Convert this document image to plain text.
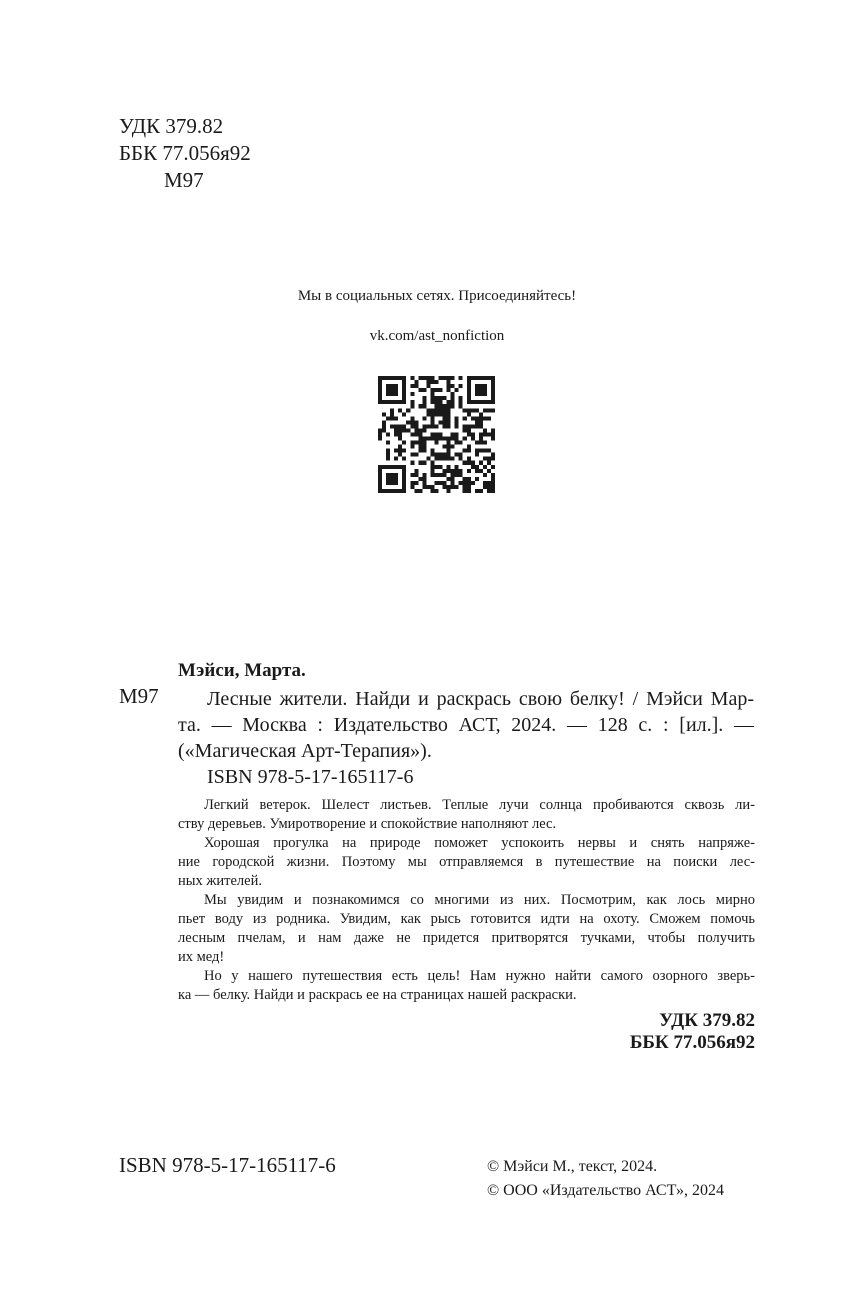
УДК 379.82
ББК 77.056я92
М97
Мы в социальных сетях. Присоединяйтесь!
vk.com/ast_nonfiction
Мэйси, Марта.
М97	Лесные жители. Найди и раскрась свою белку! / Мэйси Мар-
та. — Москва : Издательство АСТ, 2024. — 128 с. : [ил.]. —
(«Магическая Арт-Терапия»).
ISBN 978-5-17-165117-6
Легкий ветерок. Шелест листьев. Теплые лучи солнца пробиваются сквозь ли-
ству деревьев. Умиротворение и спокойствие наполняют лес.
Хорошая прогулка на природе поможет успокоить нервы и снять напряже-
ние городской жизни. Поэтому мы отправляемся в путешествие на поиски лес-
ных жителей.
Мы увидим и познакомимся со многими из них. Посмотрим, как лось мирно
пьет воду из родника. Увидим, как рысь готовится идти на охоту. Сможем помочь
лесным пчелам, и нам даже не придется притворятся тучками, чтобы получить
их мед!
Но у нашего путешествия есть цель! Нам нужно найти самого озорного зверь-
ка — белку. Найди и раскрась ее на страницах нашей раскраски.
УДК 379.82
ББК 77.056я92
ISBN 978-5-17-165117-6	© Мэйси М., текст, 2024.
© ООО «Издательство АСТ», 2024
